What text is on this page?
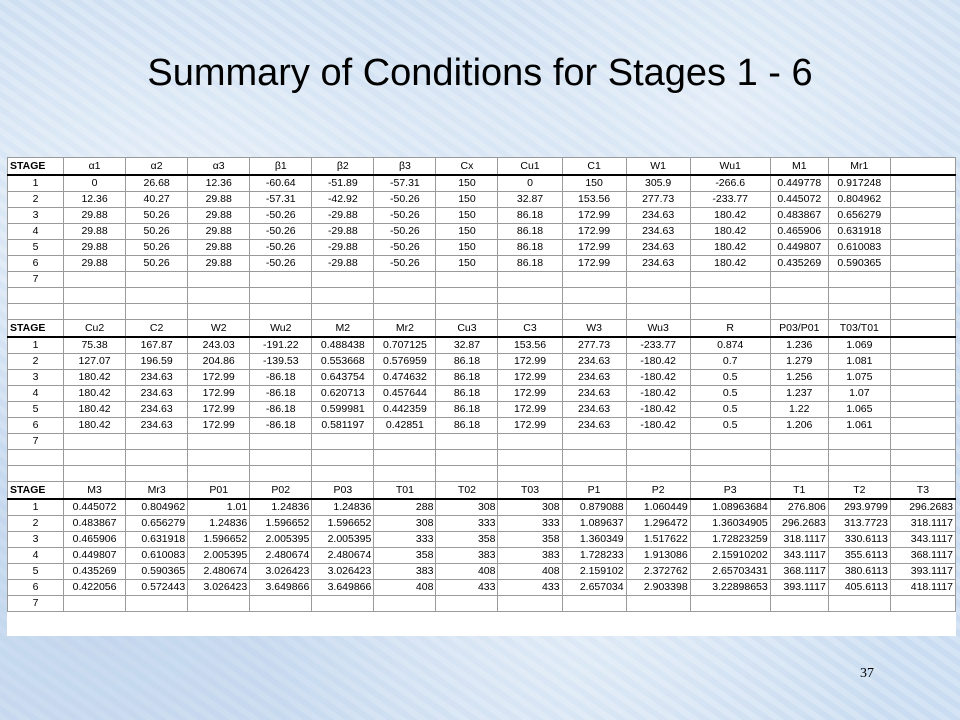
Summary of Conditions for Stages 1 - 6
STAGE	α1	α2	α3	β1	β2	β3	Cx	Cu1	C1	W1	Wu1	M1	Mr1	
1	0	26.68	12.36	-60.64	-51.89	-57.31	150	0	150	305.9	-266.6	0.449778	0.917248	
2	12.36	40.27	29.88	-57.31	-42.92	-50.26	150	32.87	153.56	277.73	-233.77	0.445072	0.804962	
3	29.88	50.26	29.88	-50.26	-29.88	-50.26	150	86.18	172.99	234.63	180.42	0.483867	0.656279	
4	29.88	50.26	29.88	-50.26	-29.88	-50.26	150	86.18	172.99	234.63	180.42	0.465906	0.631918	
5	29.88	50.26	29.88	-50.26	-29.88	-50.26	150	86.18	172.99	234.63	180.42	0.449807	0.610083	
6	29.88	50.26	29.88	-50.26	-29.88	-50.26	150	86.18	172.99	234.63	180.42	0.435269	0.590365	
7														

STAGE	Cu2	C2	W2	Wu2	M2	Mr2	Cu3	C3	W3	Wu3	R	P03/P01	T03/T01	
1	75.38	167.87	243.03	-191.22	0.488438	0.707125	32.87	153.56	277.73	-233.77	0.874	1.236	1.069	
2	127.07	196.59	204.86	-139.53	0.553668	0.576959	86.18	172.99	234.63	-180.42	0.7	1.279	1.081	
3	180.42	234.63	172.99	-86.18	0.643754	0.474632	86.18	172.99	234.63	-180.42	0.5	1.256	1.075	
4	180.42	234.63	172.99	-86.18	0.620713	0.457644	86.18	172.99	234.63	-180.42	0.5	1.237	1.07	
5	180.42	234.63	172.99	-86.18	0.599981	0.442359	86.18	172.99	234.63	-180.42	0.5	1.22	1.065	
6	180.42	234.63	172.99	-86.18	0.581197	0.42851	86.18	172.99	234.63	-180.42	0.5	1.206	1.061	
7														

STAGE	M3	Mr3	P01	P02	P03	T01	T02	T03	P1	P2	P3	T1	T2	T3
1	0.445072	0.804962	1.01	1.24836	1.24836	288	308	308	0.879088	1.060449	1.08963684	276.806	293.9799	296.2683
2	0.483867	0.656279	1.24836	1.596652	1.596652	308	333	333	1.089637	1.296472	1.36034905	296.2683	313.7723	318.1117
3	0.465906	0.631918	1.596652	2.005395	2.005395	333	358	358	1.360349	1.517622	1.72823259	318.1117	330.6113	343.1117
4	0.449807	0.610083	2.005395	2.480674	2.480674	358	383	383	1.728233	1.913086	2.15910202	343.1117	355.6113	368.1117
5	0.435269	0.590365	2.480674	3.026423	3.026423	383	408	408	2.159102	2.372762	2.65703431	368.1117	380.6113	393.1117
6	0.422056	0.572443	3.026423	3.649866	3.649866	408	433	433	2.657034	2.903398	3.22898653	393.1117	405.6113	418.1117
7														
37
